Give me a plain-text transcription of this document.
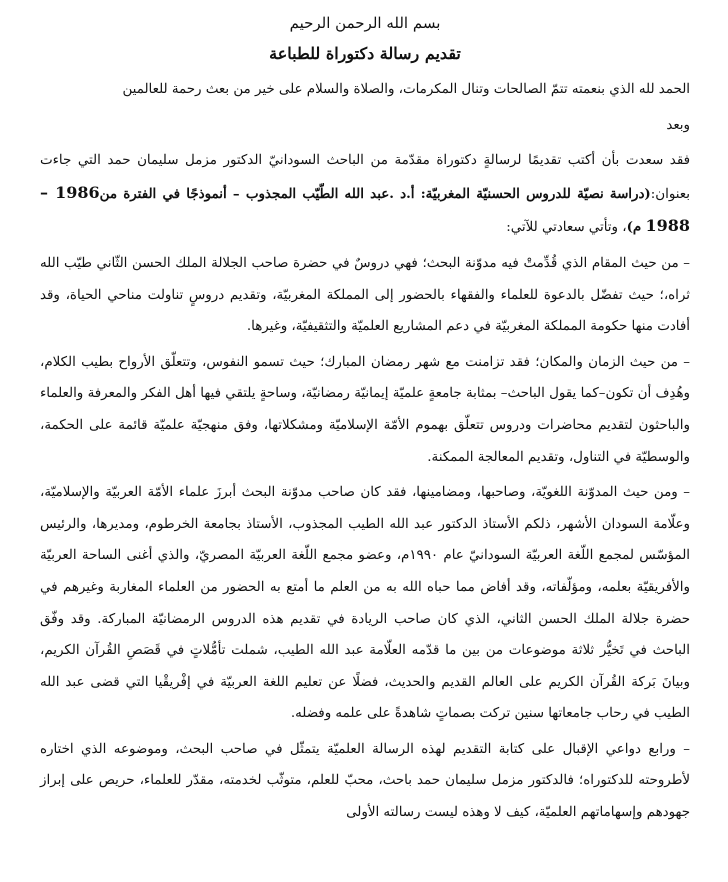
بسم الله الرحمن الرحيم

تقديم رسالة دكتوراة للطباعة

الحمد لله الذي بنعمته تتمّ الصالحات وتنال المكرمات، والصلاة والسلام على خير من بعث رحمة للعالمين

وبعد

فقد سعدت بأن أكتب تقديمًا لرسالةٍ دكتوراة مقدّمة من الباحث السودانيّ الدكتور مزمل سليمان حمد التي جاءت بعنوان:(دراسة نصيّة للدروس الحسنيّة المغربيّة: أ.د .عبد الله الطّيّب المجذوب – أنموذجًا في الفترة من1986 – 1988 م)، وتأتي سعادتي للآتي:

– من حيث المقام الذي قُدِّمتْ فيه مدوّنة البحث؛ فهي دروسٌ في حضرة صاحب الجلالة الملك الحسن الثّاني طيّب الله ثراه،؛ حيث تفضّل بالدعوة للعلماء والفقهاء بالحضور إلى المملكة المغربيّة، وتقديم دروسٍ تناولت مناحي الحياة، وقد أفادت منها حكومة المملكة المغربيّة في دعم المشاريع العلميّة والتثقيفيّة، وغيرها.

– من حيث الزمان والمكان؛ فقد تزامنت مع شهر رمضان المبارك؛ حيث تسمو النفوس، وتتعلّق الأرواح بطيب الكلام، وهُدِف أن تكون–كما يقول الباحث– بمثابة جامعةٍ علميّة إيمانيّة رمضانيّة، وساحةٍ يلتقي فيها أهل الفكر والمعرفة والعلماء والباحثون لتقديم محاضرات ودروس تتعلّق بهموم الأمّة الإسلاميّة ومشكلاتها، وفق منهجيّة علميّة قائمة على الحكمة، والوسطيّة في التناول، وتقديم المعالجة الممكنة.

– ومن حيث المدوّنة اللغويّة، وصاحبها، ومضامينها، فقد كان صاحب مدوّنة البحث أبرزَ علماء الأمّة العربيّة والإسلاميّة، وعلّامة السودان الأشهر، ذلكم الأستاذ الدكتور عبد الله الطيب المجذوب، الأستاذ بجامعة الخرطوم، ومديرها، والرئيس المؤسّس لمجمع اللّغة العربيّة السودانيّ عام ١٩٩٠م، وعضو مجمع اللّغة العربيّة المصريّ، والذي أغنى الساحة العربيّة والأفريقيّة بعلمه، ومؤلّفاته، وقد أفاض مما حباه الله به من العلم ما أمتع به الحضور من العلماء المغاربة وغيرهم في حضرة جلالة الملك الحسن الثاني، الذي كان صاحب الريادة في تقديم هذه الدروس الرمضانيّة المباركة. وقد وفّق الباحث في تَخيُّر ثلاثة موضوعات من بين ما قدّمه العلّامة عبد الله الطيب، شملت تأمُّلاتٍ في قَصَصِ القُرآن الكريم، وبيانَ بَركة القُرآن الكريم على العالم القديم والحديث، فضلًا عن تعليم اللغة العربيّة في إفْريقْيا التي قضى عبد الله الطيب في رحاب جامعاتها سنين تركت بصماتٍ شاهدةً على علمه وفضله.

– ورابع دواعي الإقبال على كتابة التقديم لهذه الرسالة العلميّة يتمثّل في صاحب البحث، وموضوعه الذي اختاره لأطروحته للدكتوراه؛ فالدكتور مزمل سليمان حمد باحث، محبّ للعلم، متوثّب لخدمته، مقدّر للعلماء، حريص على إبراز جهودهم وإسهاماتهم العلميّة، كيف لا وهذه ليست رسالته الأولى
